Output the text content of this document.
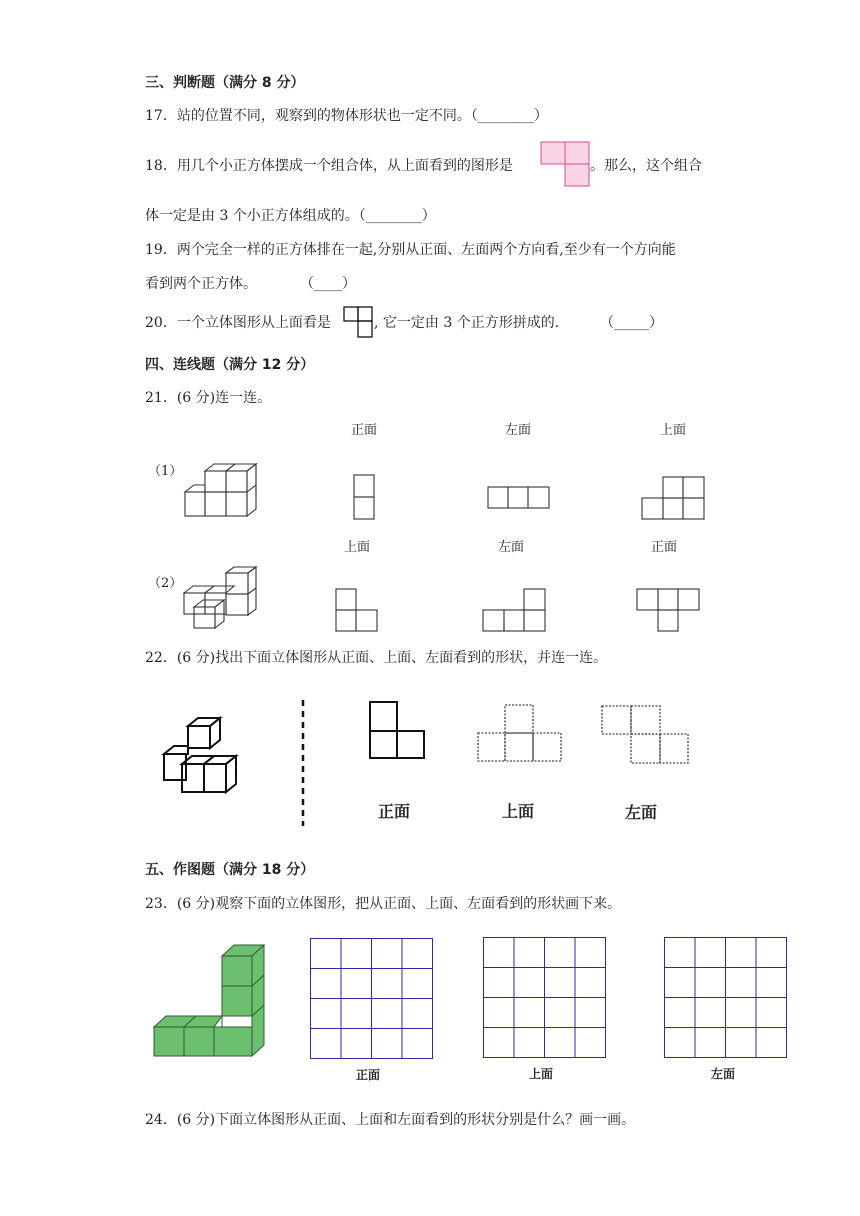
三、判断题（满分 8 分）
17．站的位置不同，观察到的物体形状也一定不同。（________）
18．用几个小正方体摆成一个组合体，从上面看到的图形是	。那么，这个组合
体一定是由 3 个小正方体组成的。（________）
19．两个完全一样的正方体排在一起,分别从正面、左面两个方向看,至少有一个方向能
看到两个正方体。	（____）
20．一个立体图形从上面看是	, 它一定由 3 个正方形拼成的． （_____）
四、连线题（满分 12 分）
21．(6 分)连一连。
正面	左面	上面
（1）
上面	左面	正面
（2）
22．(6 分)找出下面立体图形从正面、上面、左面看到的形状，并连一连。
正面	上面	左面
五、作图题（满分 18 分）
23．(6 分)观察下面的立体图形，把从正面、上面、左面看到的形状画下来。
正面	上面	左面
24．(6 分)下面立体图形从正面、上面和左面看到的形状分别是什么？画一画。
